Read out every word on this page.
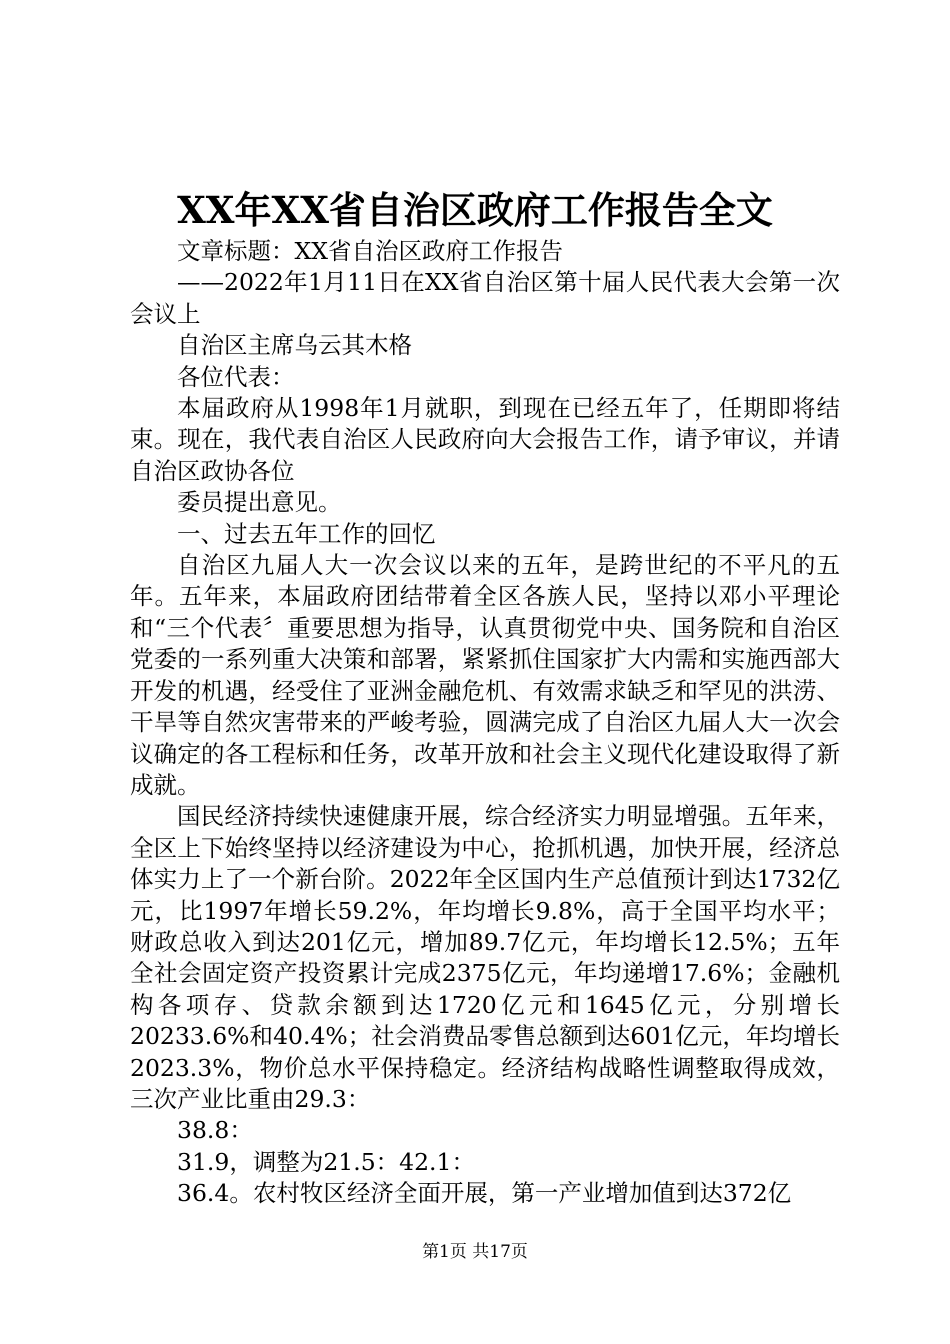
XX年XX省自治区政府工作报告全文

文章标题：XX省自治区政府工作报告

——2022年1月11日在XX省自治区第十届人民代表大会第一次会议上

自治区主席乌云其木格

各位代表：

本届政府从1998年1月就职，到现在已经五年了，任期即将结束。现在，我代表自治区人民政府向大会报告工作，请予审议，并请自治区政协各位

委员提出意见。

一、过去五年工作的回忆

自治区九届人大一次会议以来的五年，是跨世纪的不平凡的五年。五年来，本届政府团结带着全区各族人民，坚持以邓小平理论和“三个代表〞重要思想为指导，认真贯彻党中央、国务院和自治区党委的一系列重大决策和部署，紧紧抓住国家扩大内需和实施西部大开发的机遇，经受住了亚洲金融危机、有效需求缺乏和罕见的洪涝、干旱等自然灾害带来的严峻考验，圆满完成了自治区九届人大一次会议确定的各工程标和任务，改革开放和社会主义现代化建设取得了新成就。

国民经济持续快速健康开展，综合经济实力明显增强。五年来，全区上下始终坚持以经济建设为中心，抢抓机遇，加快开展，经济总体实力上了一个新台阶。2022年全区国内生产总值预计到达1732亿元，比1997年增长59.2%，年均增长9.8%，高于全国平均水平；财政总收入到达201亿元，增加89.7亿元，年均增长12.5%；五年全社会固定资产投资累计完成2375亿元，年均递增17.6%；金融机构各项存、贷款余额到达1720亿元和1645亿元，分别增长20233.6%和40.4%；社会消费品零售总额到达601亿元，年均增长2023.3%，物价总水平保持稳定。经济结构战略性调整取得成效，三次产业比重由29.3：

38.8：

31.9，调整为21.5：42.1：

36.4。农村牧区经济全面开展，第一产业增加值到达372亿

第1页 共17页
